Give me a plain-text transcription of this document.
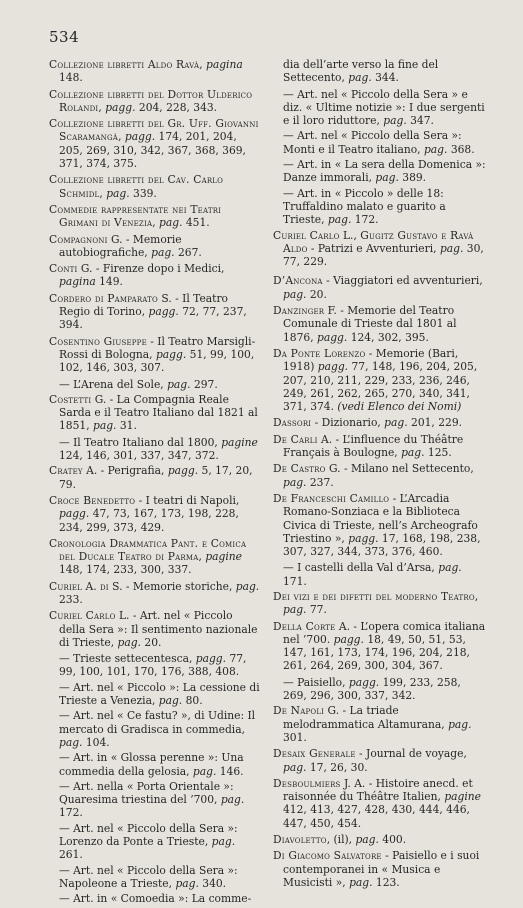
534

Collezione libretti Aldo Ravà, pagina 148.

Collezione libretti del Dottor Ulderico Rolandi, pagg. 204, 228, 343.

Collezione libretti del Gr. Uff. Giovanni Scaramangà, pagg. 174, 201, 204, 205, 269, 310, 342, 367, 368, 369, 371, 374, 375.

Collezione libretti del Cav. Carlo Schmidl, pag. 339.

Commedie rappresentate nei Teatri Grimani di Venezia, pag. 451.

Compagnoni G. - Memorie autobiografiche, pag. 267.

Conti G. - Firenze dopo i Medici, pagina 149.

Cordero di Pamparato S. - Il Teatro Regio di Torino, pagg. 72, 77, 237, 394.

Cosentino Giuseppe - Il Teatro Marsigli-Rossi di Bologna, pagg. 51, 99, 100, 102, 146, 303, 307.

— L’Arena del Sole, pag. 297.

Costetti G. - La Compagnia Reale Sarda e il Teatro Italiano dal 1821 al 1851, pag. 31.

— Il Teatro Italiano dal 1800, pagine 124, 146, 301, 337, 347, 372.

Cratey A. - Perigrafia, pagg. 5, 17, 20, 79.

Croce Benedetto - I teatri di Napoli, pagg. 47, 73, 167, 173, 198, 228, 234, 299, 373, 429.

Cronologia Drammatica Pant. e Comica del Ducale Teatro di Parma, pagine 148, 174, 233, 300, 337.

Curiel A. di S. - Memorie storiche, pag. 233.

Curiel Carlo L. - Art. nel « Piccolo della Sera »: Il sentimento nazionale di Trieste, pag. 20.

— Trieste settecentesca, pagg. 77, 99, 100, 101, 170, 176, 388, 408.

— Art. nel « Piccolo »: La cessione di Trieste a Venezia, pag. 80.

— Art. nel « Ce fastu? », di Udine: Il mercato di Gradisca in commedia, pag. 104.

— Art. in « Glossa perenne »: Una commedia della gelosia, pag. 146.

— Art. nella « Porta Orientale »: Quaresima triestina del ’700, pag. 172.

— Art. nel « Piccolo della Sera »: Lorenzo da Ponte a Trieste, pag. 261.

— Art. nel « Piccolo della Sera »: Napoleone a Trieste, pag. 340.

— Art. in « Comoedia »: La comme-

dia dell’arte verso la fine del Settecento, pag. 344.

— Art. nel « Piccolo della Sera » e diz. « Ultime notizie »: I due sergenti e il loro riduttore, pag. 347.

— Art. nel « Piccolo della Sera »: Monti e il Teatro italiano, pag. 368.

— Art. in « La sera della Domenica »: Danze immorali, pag. 389.

— Art. in « Piccolo » delle 18: Truffaldino malato e guarito a Trieste, pag. 172.

Curiel Carlo L., Gugitz Gustavo e Ravà Aldo - Patrizi e Avventurieri, pag. 30, 77, 229.

D’Ancona - Viaggiatori ed avventurieri, pag. 20.

Danzinger F. - Memorie del Teatro Comunale di Trieste dal 1801 al 1876, pagg. 124, 302, 395.

Da Ponte Lorenzo - Memorie (Bari, 1918) pagg. 77, 148, 196, 204, 205, 207, 210, 211, 229, 233, 236, 246, 249, 261, 262, 265, 270, 340, 341, 371, 374. (vedi Elenco dei Nomi)

Dassori - Dizionario, pag. 201, 229.

De Carli A. - L’influence du Théâtre Français à Boulogne, pag. 125.

De Castro G. - Milano nel Settecento, pag. 237.

De Franceschi Camillo - L’Arcadia Romano-Sonziaca e la Biblioteca Civica di Trieste, nell’s Archeografo Triestino », pagg. 17, 168, 198, 238, 307, 327, 344, 373, 376, 460.

— I castelli della Val d’Arsa, pag. 171.

Dei vizi e dei difetti del moderno Teatro, pag. 77.

Della Corte A. - L’opera comica italiana nel ’700. pagg. 18, 49, 50, 51, 53, 147, 161, 173, 174, 196, 204, 218, 261, 264, 269, 300, 304, 367.

— Paisiello, pagg. 199, 233, 258, 269, 296, 300, 337, 342.

De Napoli G. - La triade melodrammatica Altamurana, pag. 301.

Desaix Generale - Journal de voyage, pag. 17, 26, 30.

Desboulmiers J. A. - Histoire aneсd. et raisonnée du Théâtre Italien, pagine 412, 413, 427, 428, 430, 444, 446, 447, 450, 454.

Diavoletto, (il), pag. 400.

Di Giacomo Salvatore - Paisiello e i suoi contemporanei in « Musica e Musicisti », pag. 123.
